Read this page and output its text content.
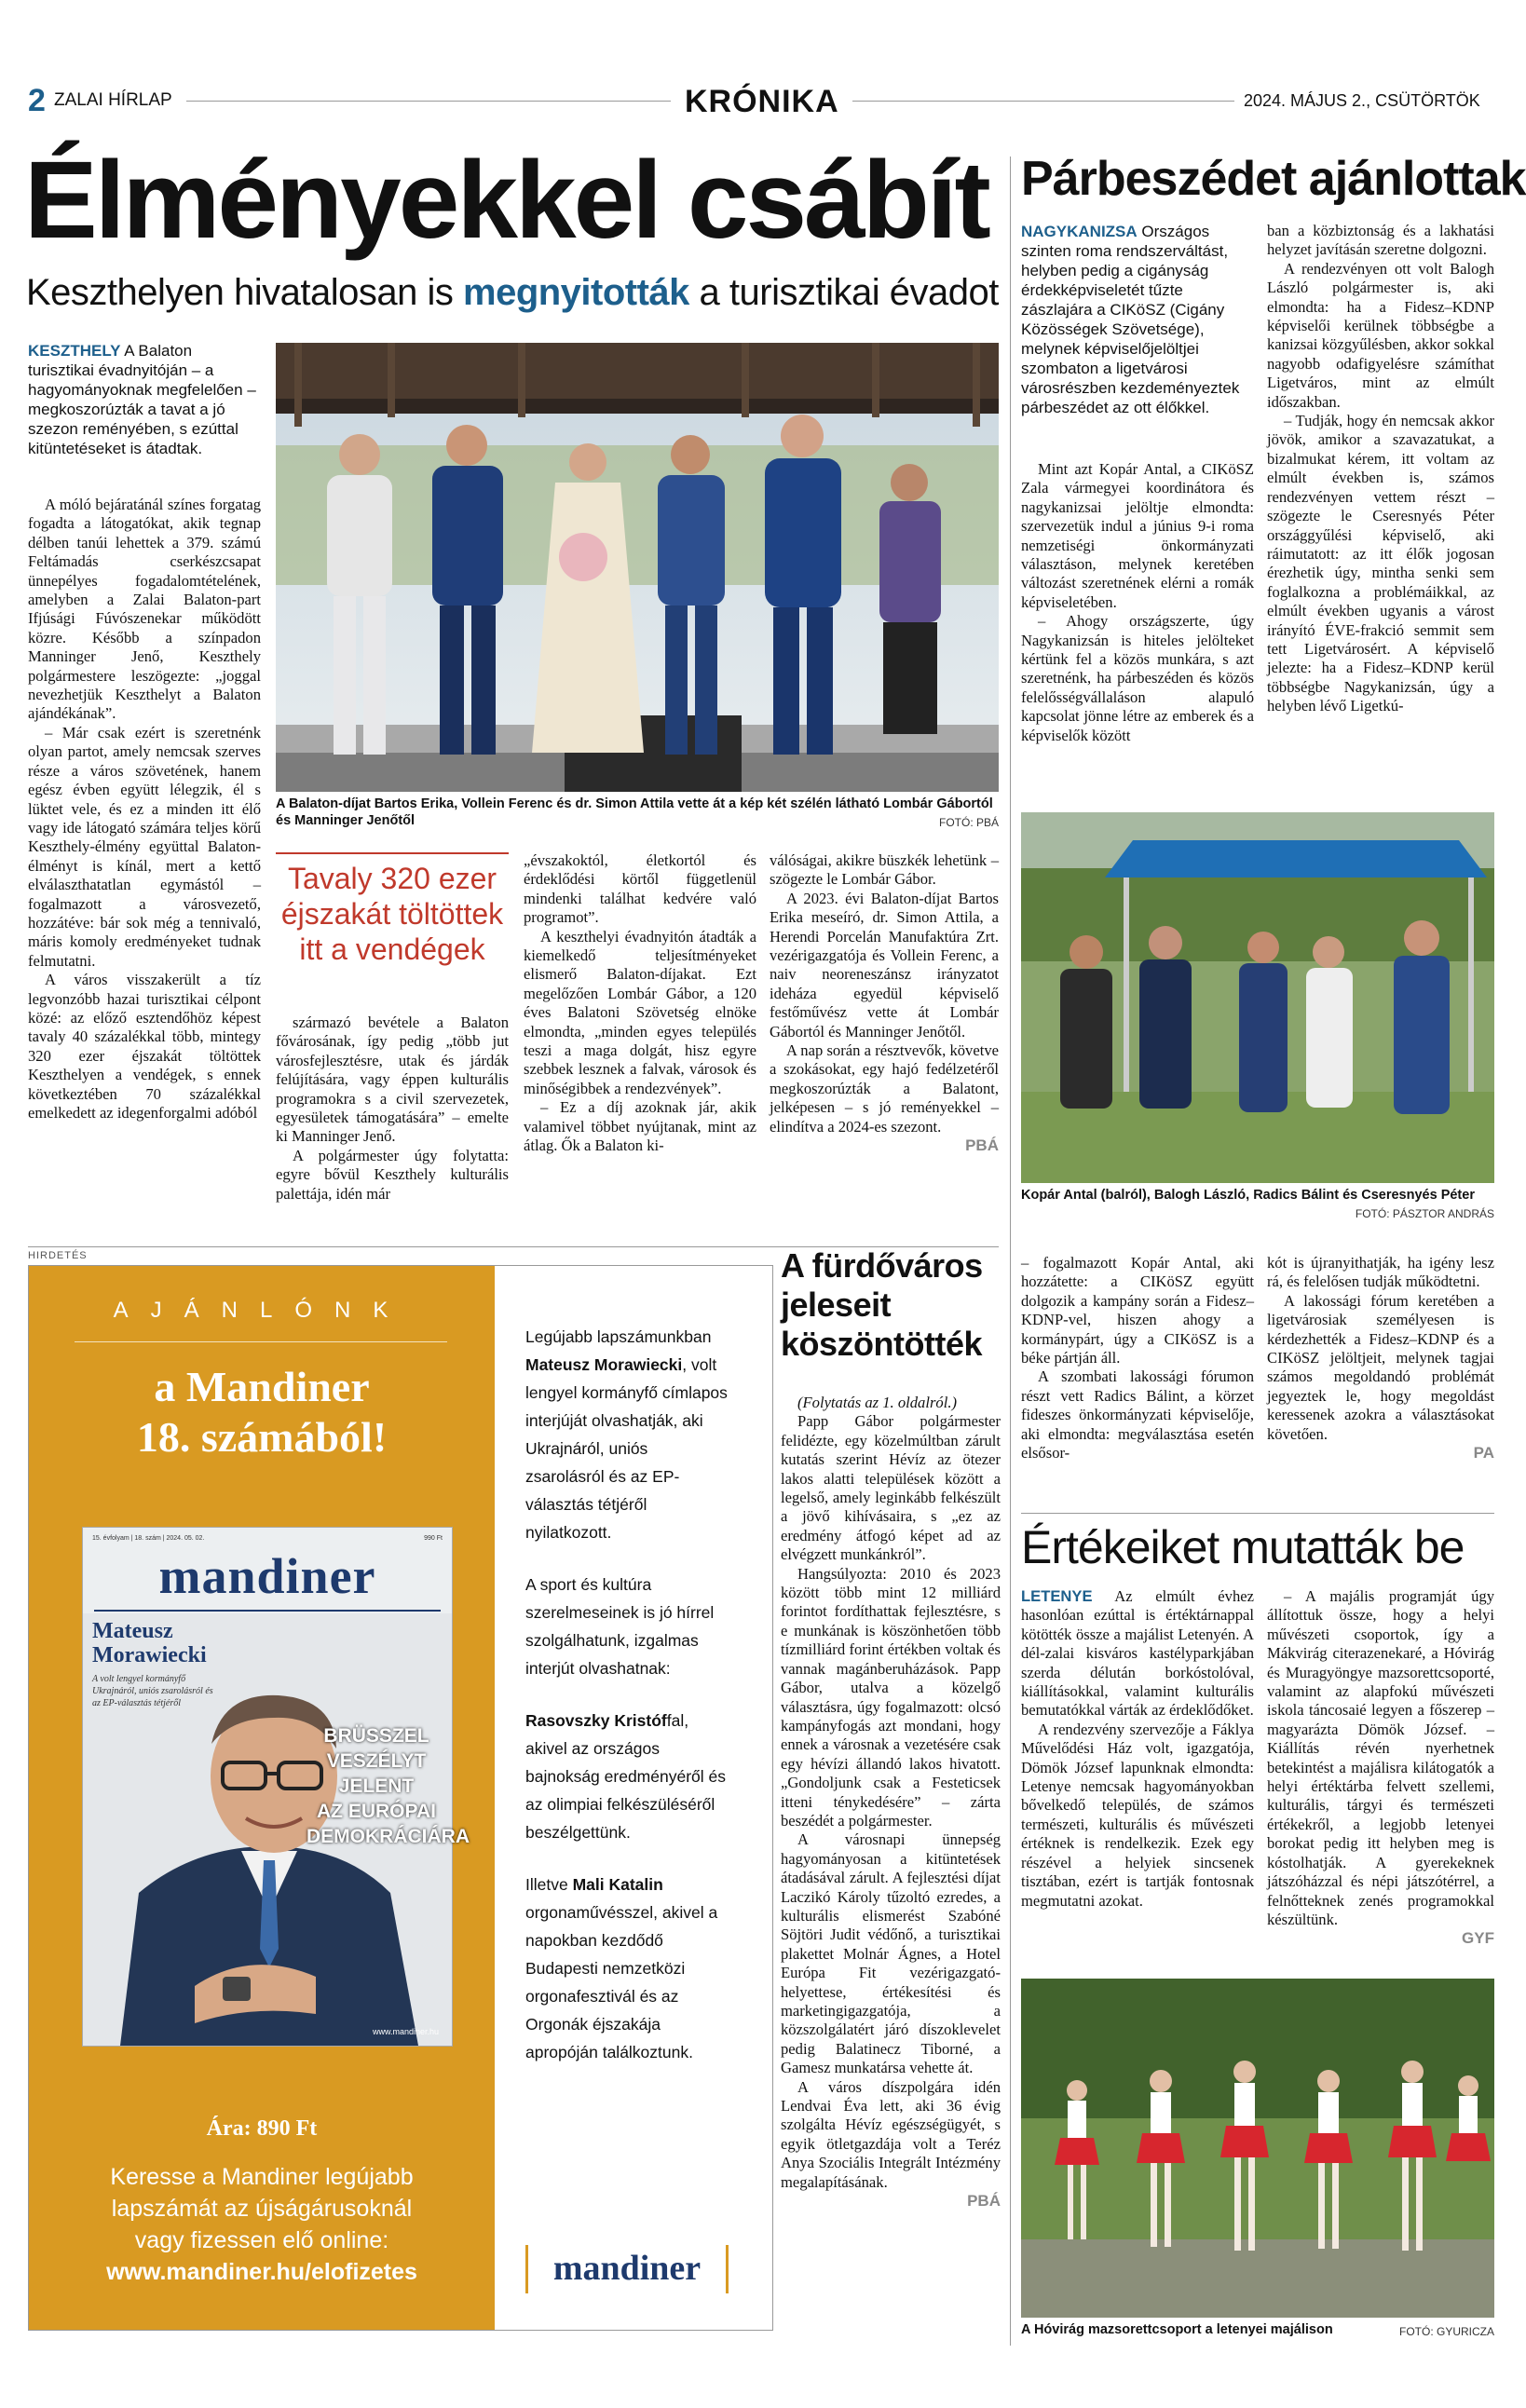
2 ZALAI HÍRLAP	KRÓNIKA	2024. MÁJUS 2., CSÜTÖRTÖK
Élményekkel csábít
Keszthelyen hivatalosan is megnyitották a turisztikai évadot
KESZTHELY A Balaton turisztikai évadnyitóján – a hagyományoknak megfelelően – megkoszorúzták a tavat a jó szezon reményében, s ezúttal kitüntetéseket is átadtak.
A Balaton-díjat Bartos Erika, Vollein Ferenc és dr. Simon Attila vette át a kép két szélén látható Lombár Gábortól és Manninger Jenőtől	FOTÓ: PBÁ

A móló bejáratánál színes forgatag fogadta a látogatókat, akik tegnap délben tanúi lehettek a 379. számú Feltámadás cserkészcsapat ünnepélyes fogadalomtételének, amelyben a Zalai Balaton-part Ifjúsági Fúvószenekar működött közre. Később a színpadon Manninger Jenő, Keszthely polgármestere leszögezte: „joggal nevezhetjük Keszthelyt a Balaton ajándékának”.

– Már csak ezért is szeretnénk olyan partot, amely nemcsak szerves része a város szövetének, hanem egész évben együtt lélegzik, él s lüktet vele, és ez a minden itt élő vagy ide látogató számára teljes körű Keszthely-élmény együttal Balaton-élményt is kínál, mert a kettő elválaszthatatlan egymástól – fogalmazott a városvezető, hozzátéve: bár sok még a tennivaló, máris komoly eredményeket tudnak felmutatni.

A város visszakerült a tíz legvonzóbb hazai turisztikai célpont közé: az előző esztendőhöz képest tavaly 40 százalékkal több, mintegy 320 ezer éjszakát töltöttek Keszthelyen a vendégek, s ennek következtében 70 százalékkal emelkedett az idegenforgalmi adóból

Tavaly 320 ezer éjszakát töltöttek itt a vendégek

származó bevétele a Balaton fővárosának, így pedig „több jut városfejlesztésre, utak és járdák felújítására, vagy éppen kulturális programokra s a civil szervezetek, egyesületek támogatására” – emelte ki Manninger Jenő.

A polgármester úgy folytatta: egyre bővül Keszthely kulturális palettája, idén már

„évszakoktól, életkortól és érdeklődési körtől függetlenül mindenki találhat kedvére való programot”.

A keszthelyi évadnyitón átadták a kiemelkedő teljesítményeket elismerő Balaton-díjakat. Ezt megelőzően Lombár Gábor, a 120 éves Balatoni Szövetség elnöke elmondta, „minden egyes település teszi a maga dolgát, hisz egyre szebbek lesznek a falvak, városok és minőségibbek a rendezvények”.

– Ez a díj azoknak jár, akik valamivel többet nyújtanak, mint az átlag. Ők a Balaton ki-

válóságai, akikre büszkék lehetünk – szögezte le Lombár Gábor.

A 2023. évi Balaton-díjat Bartos Erika meseíró, dr. Simon Attila, a Herendi Porcelán Manufaktúra Zrt. vezérigazgatója és Vollein Ferenc, a naiv neoreneszánsz irányzatot ideháza egyedül képviselő festőművész vette át Lombár Gábortól és Manninger Jenőtől.

A nap során a résztvevők, követve a szokásokat, egy hajó fedélzetéről megkoszorúzták a Balatont, jelképesen – s jó reményekkel – elindítva a 2024-es szezont.

PBÁ
Párbeszédet ajánlottak
NAGYKANIZSA Országos szinten roma rendszerváltást, helyben pedig a cigányság érdekképviseletét tűzte zászlajára a CIKöSZ (Cigány Közösségek Szövetsége), melynek képviselőjelöltjei szombaton a ligetvárosi városrészben kezdeményeztek párbeszédet az ott élőkkel.

Mint azt Kopár Antal, a CIKöSZ Zala vármegyei koordinátora és nagykanizsai jelöltje elmondta: szervezetük indul a június 9-i roma nemzetiségi önkormányzati választáson, melynek keretében változást szeretnének elérni a romák képviseletében.

– Ahogy országszerte, úgy Nagykanizsán is hiteles jelölteket kértünk fel a közös munkára, s azt szeretnénk, ha párbeszéden és közös felelősségvállaláson alapuló kapcsolat jönne létre az emberek és a képviselők között

ban a közbiztonság és a lakhatási helyzet javításán szeretne dolgozni.

A rendezvényen ott volt Balogh László polgármester is, aki elmondta: ha a Fidesz–KDNP képviselői kerülnek többségbe a kanizsai közgyűlésben, akkor sokkal nagyobb odafigyelésre számíthat Ligetváros, mint az elmúlt időszakban.

– Tudják, hogy én nemcsak akkor jövök, amikor a szavazatukat, a bizalmukat kérem, itt voltam az elmúlt években is, számos rendezvényen vettem részt – szögezte le Cseresnyés Péter országgyűlési képviselő, aki ráimutatott: az itt élők jogosan érezhetik úgy, mintha senki sem foglalkozna a problémáikkal, az elmúlt években ugyanis a várost irányító ÉVE-frakció semmit sem tett Ligetvárosért. A képviselő jelezte: ha a Fidesz–KDNP kerül többségbe Nagykanizsán, úgy a helyben lévő Ligetkú-

Kopár Antal (balról), Balogh László, Radics Bálint és Cseresnyés Péter
FOTÓ: PÁSZTOR ANDRÁS

– fogalmazott Kopár Antal, aki hozzátette: a CIKöSZ együtt dolgozik a kampány során a Fidesz–KDNP-vel, hiszen ahogy a kormánypárt, úgy a CIKöSZ is a béke pártján áll.

A szombati lakossági fórumon részt vett Radics Bálint, a körzet fideszes önkormányzati képviselője, aki elmondta: megválasztása esetén elsősor-

kót is újranyithatják, ha igény lesz rá, és felelősen tudják működtetni.

A lakossági fórum keretében a ligetvárosiak személyesen is kérdezhették a Fidesz–KDNP és a CIKöSZ jelöltjeit, melynek tagjai számos megoldandó problémát jegyeztek le, hogy megoldást keressenek azokra a választásokat követően.

PA
HIRDETÉS
AJÁNLÓNK
a Mandiner
18. számából!
15. évfolyam | 18. szám | 2024. 05. 02.	990 Ft
mandiner
Mateusz
Morawiecki
A volt lengyel kormányfő Ukrajnáról, uniós zsarolásról és az EP-választás tétjéről
BRÜSSZEL
VESZÉLYT
JELENT
AZ EURÓPAI
DEMOKRÁCIÁRA
www.mandiner.hu
Ára: 890 Ft
Keresse a Mandiner legújabb
lapszámát az újságárusoknál
vagy fizessen elő online:
www.mandiner.hu/elofizetes

Legújabb lapszámunkban Mateusz Morawiecki, volt lengyel kormányfő címlapos interjúját olvashatják, aki Ukrajnáról, uniós zsarolásról és az EP-választás tétjéről nyilatkozott.

A sport és kultúra szerelmeseinek is jó hírrel szolgálhatunk, izgalmas interjút olvashatnak:

Rasovszky Kristóffal, akivel az országos bajnokság eredményéről és az olimpiai felkészüléséről beszélgettünk.

Illetve Mali Katalin orgonaművésszel, akivel a napokban kezdődő Budapesti nemzetközi orgonafesztivál és az Orgonák éjszakája apropóján találkoztunk.

mandiner
A fürdőváros
jeleseit
köszöntötték

(Folytatás az 1. oldalról.)

Papp Gábor polgármester felidézte, egy közelmúltban zárult kutatás szerint Hévíz az ötezer lakos alatti települések között a legelső, amely leginkább felkészült a jövő kihívásaira, s „ez az eredmény átfogó képet ad az elvégzett munkánkról”.

Hangsúlyozta: 2010 és 2023 között több mint 12 milliárd forintot fordíthattak fejlesztésre, s e munkának is köszönhetően több tízmilliárd forint értékben voltak és vannak magánberuházások. Papp Gábor, utalva a közelgő választásra, úgy fogalmazott: olcsó kampányfogás azt mondani, hogy ennek a városnak a vezetésére csak egy hévízi állandó lakos hivatott. „Gondoljunk csak a Festeticsek itteni ténykedésére” – zárta beszédét a polgármester.

A városnapi ünnepség hagyományosan a kitüntetések átadásával zárult. A fejlesztési díjat Laczikó Károly tűzoltó ezredes, a kulturális elismerést Szabóné Söjtöri Judit védőnő, a turisztikai plakettet Molnár Ágnes, a Hotel Európa Fit vezérigazgató-helyettese, értékesítési és marketingigazgatója, a közszolgálatért járó díszoklevelet pedig Balatinecz Tiborné, a Gamesz munkatársa vehette át.

A város díszpolgára idén Lendvai Éva lett, aki 36 évig szolgálta Hévíz egészségügyét, s egyik ötletgazdája volt a Teréz Anya Szociális Integrált Intézmény megalapításának.

PBÁ
Értékeiket mutatták be

LETENYE Az elmúlt évhez hasonlóan ezúttal is értéktárnappal kötötték össze a majálist Letenyén. A dél-zalai kisváros kastélyparkjában szerda délután borkóstolóval, kiállításokkal, valamint kulturális bemutatókkal várták az érdeklődőket.

A rendezvény szervezője a Fáklya Művelődési Ház volt, igazgatója, Dömök József lapunknak elmondta: Letenye nemcsak hagyományokban bővelkedő település, de számos természeti, kulturális és művészeti értéknek is rendelkezik. Ezek egy részével a helyiek sincsenek tisztában, ezért is tartják fontosnak megmutatni azokat.

– A majális programját úgy állítottuk össze, hogy a helyi művészeti csoportok, így a Mákvirág citerazenekaré, a Hóvirág és Muragyöngye mazsorettcsoporté, valamint az alapfokú művészeti iskola táncosaié legyen a főszerep – magyarázta Dömök József. – Kiállítás révén nyerhetnek betekintést a majálisra kilátogatók a helyi értéktárba felvett szellemi, kulturális, tárgyi és természeti értékekről, a legjobb letenyei borokat pedig itt helyben meg is kóstolhatják. A gyerekeknek játszóházzal és népi játszótérrel, a felnőtteknek zenés programokkal készültünk.

GYF
A Hóvirág mazsorettcsoport a letenyei majálison	FOTÓ: GYURICZA
